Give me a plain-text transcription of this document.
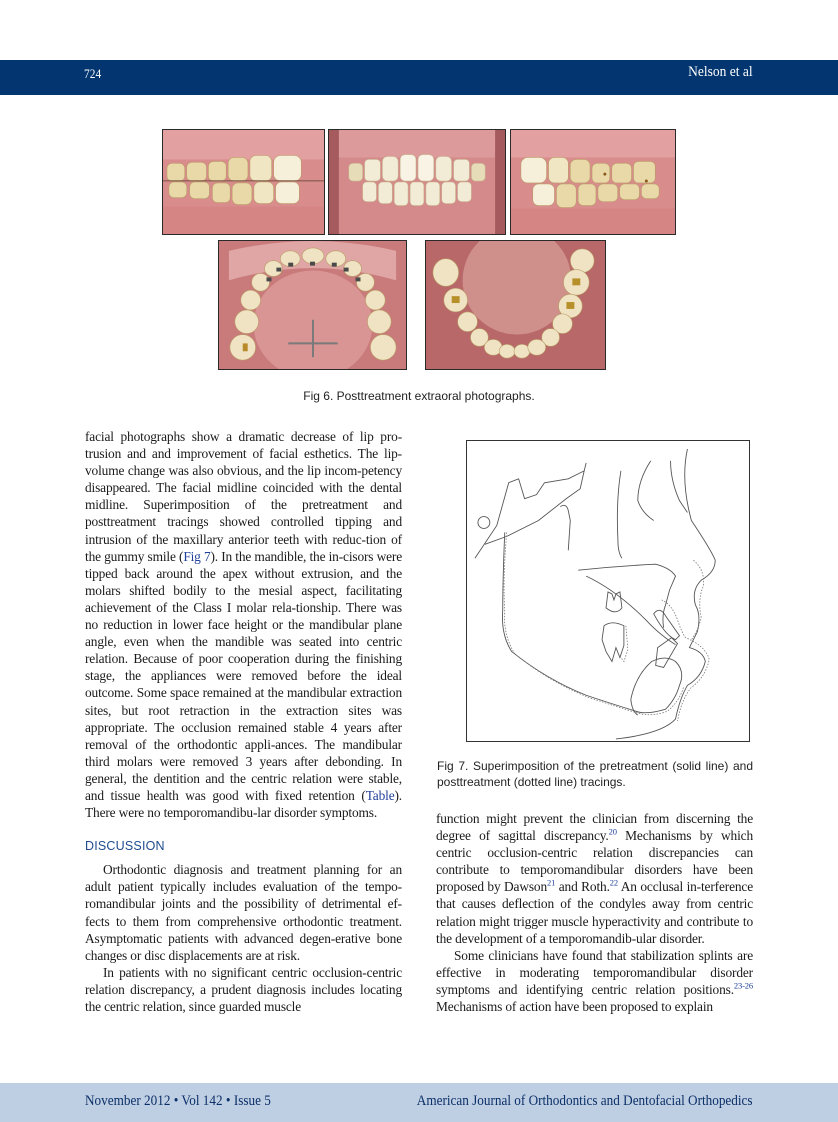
724	Nelson et al
Fig 6. Posttreatment extraoral photographs.

facial photographs show a dramatic decrease of lip pro-trusion and and improvement of facial esthetics. The lip-volume change was also obvious, and the lip incom-petency disappeared. The facial midline coincided with the dental midline. Superimposition of the pretreatment and posttreatment tracings showed controlled tipping and intrusion of the maxillary anterior teeth with reduc-tion of the gummy smile (Fig 7). In the mandible, the in-cisors were tipped back around the apex without extrusion, and the molars shifted bodily to the mesial aspect, facilitating achievement of the Class I molar rela-tionship. There was no reduction in lower face height or the mandibular plane angle, even when the mandible was seated into centric relation. Because of poor cooperation during the finishing stage, the appliances were removed before the ideal outcome. Some space remained at the mandibular extraction sites, but root retraction in the extraction sites was appropriate. The occlusion remained stable 4 years after removal of the orthodontic appli-ances. The mandibular third molars were removed 3 years after debonding. In general, the dentition and the centric relation were stable, and tissue health was good with fixed retention (Table). There were no temporomandibu-lar disorder symptoms.

DISCUSSION

Orthodontic diagnosis and treatment planning for an adult patient typically includes evaluation of the tempo-romandibular joints and the possibility of detrimental ef-fects to them from comprehensive orthodontic treatment. Asymptomatic patients with advanced degen-erative bone changes or disc displacements are at risk.

In patients with no significant centric occlusion-centric relation discrepancy, a prudent diagnosis includes locating the centric relation, since guarded muscle

Fig 7. Superimposition of the pretreatment (solid line) and posttreatment (dotted line) tracings.

function might prevent the clinician from discerning the degree of sagittal discrepancy.$^{20}$ Mechanisms by which centric occlusion-centric relation discrepancies can contribute to temporomandibular disorders have been proposed by Dawson$^{21}$ and Roth.$^{22}$ An occlusal in-terference that causes deflection of the condyles away from centric relation might trigger muscle hyperactivity and contribute to the development of a temporomandib-ular disorder.

Some clinicians have found that stabilization splints are effective in moderating temporomandibular disorder symptoms and identifying centric relation positions.$^{23-26}$ Mechanisms of action have been proposed to explain

November 2012 • Vol 142 • Issue 5	American Journal of Orthodontics and Dentofacial Orthopedics
